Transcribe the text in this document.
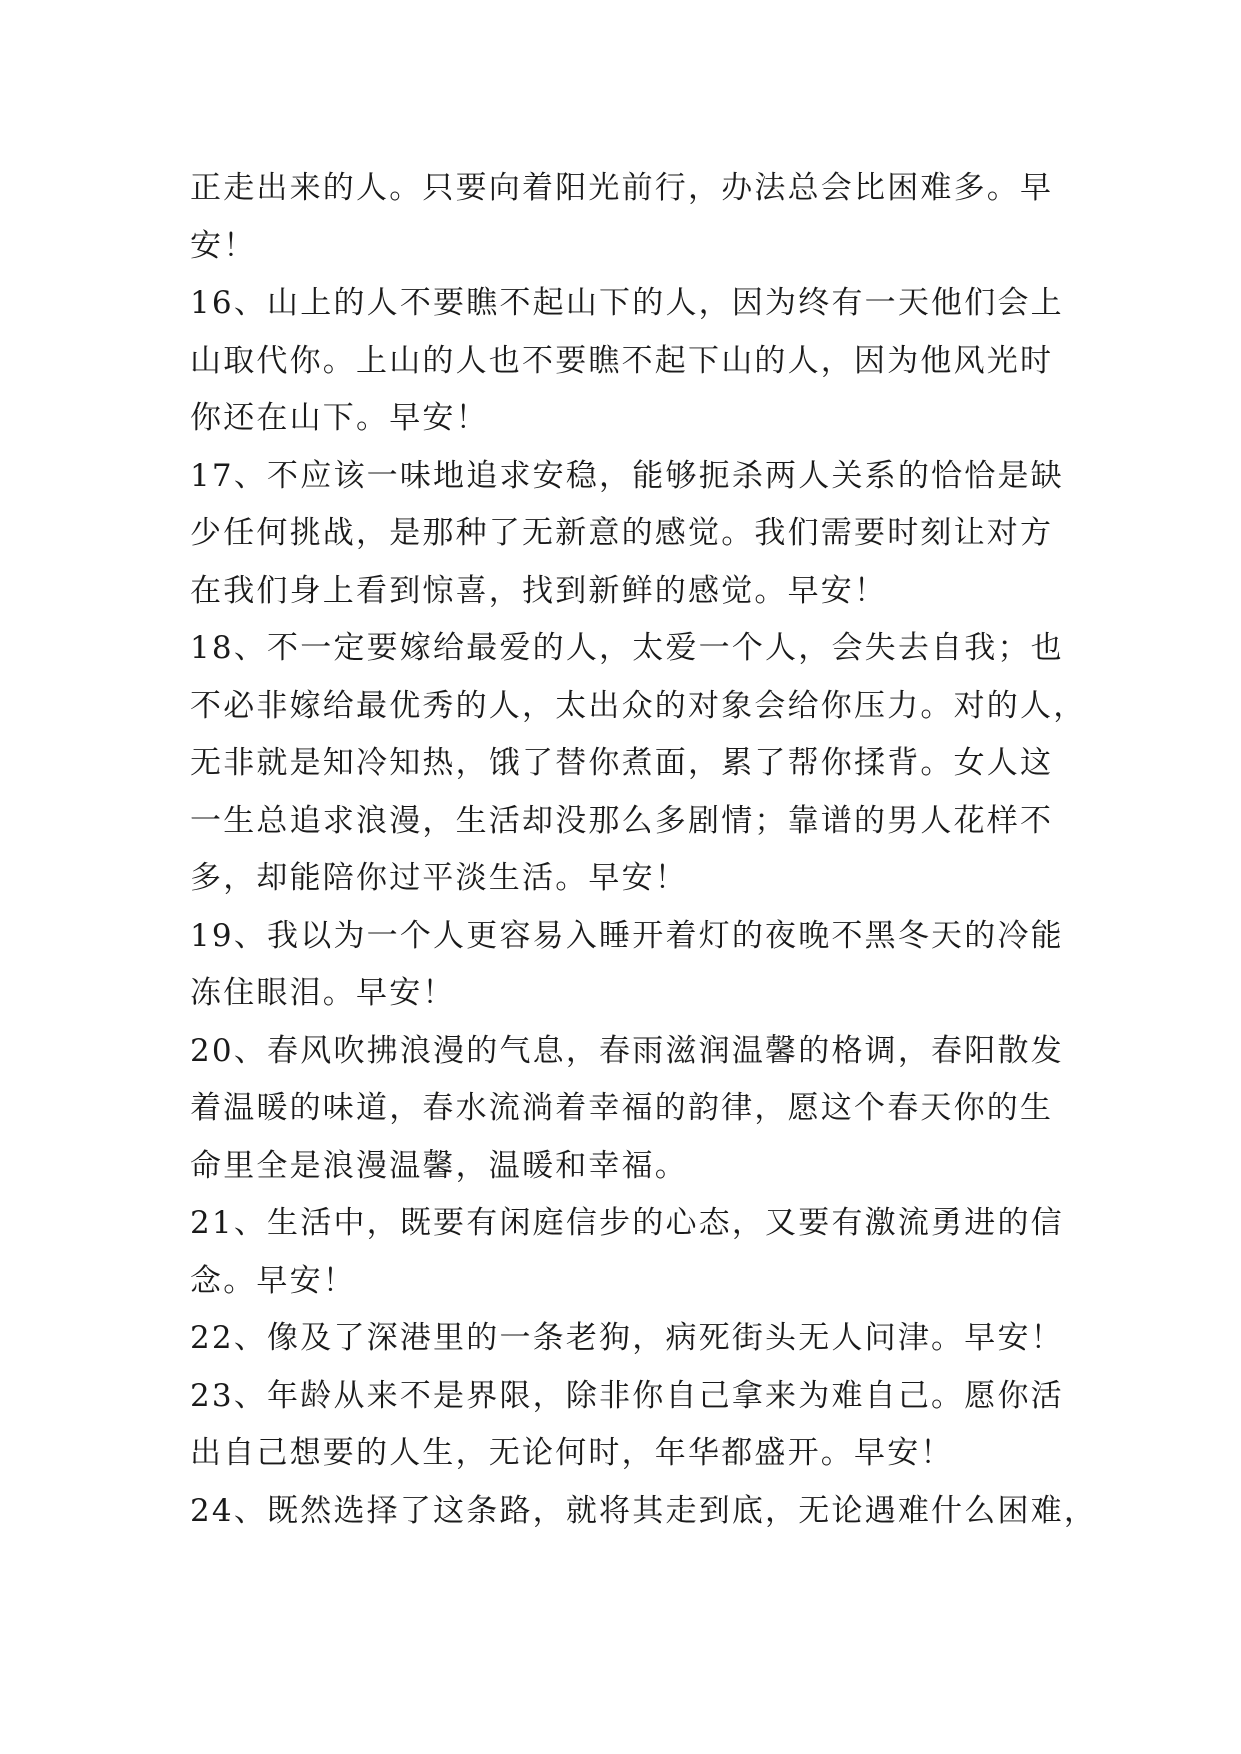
正走出来的人。只要向着阳光前行，办法总会比困难多。早
安！
16、山上的人不要瞧不起山下的人，因为终有一天他们会上
山取代你。上山的人也不要瞧不起下山的人，因为他风光时
你还在山下。早安！
17、不应该一味地追求安稳，能够扼杀两人关系的恰恰是缺
少任何挑战，是那种了无新意的感觉。我们需要时刻让对方
在我们身上看到惊喜，找到新鲜的感觉。早安！
18、不一定要嫁给最爱的人，太爱一个人，会失去自我；也
不必非嫁给最优秀的人，太出众的对象会给你压力。对的人，
无非就是知冷知热，饿了替你煮面，累了帮你揉背。女人这
一生总追求浪漫，生活却没那么多剧情；靠谱的男人花样不
多，却能陪你过平淡生活。早安！
19、我以为一个人更容易入睡开着灯的夜晚不黑冬天的冷能
冻住眼泪。早安！
20、春风吹拂浪漫的气息，春雨滋润温馨的格调，春阳散发
着温暖的味道，春水流淌着幸福的韵律，愿这个春天你的生
命里全是浪漫温馨，温暖和幸福。
21、生活中，既要有闲庭信步的心态，又要有激流勇进的信
念。早安！
22、像及了深港里的一条老狗，病死街头无人问津。早安！
23、年龄从来不是界限，除非你自己拿来为难自己。愿你活
出自己想要的人生，无论何时，年华都盛开。早安！
24、既然选择了这条路，就将其走到底，无论遇难什么困难，
